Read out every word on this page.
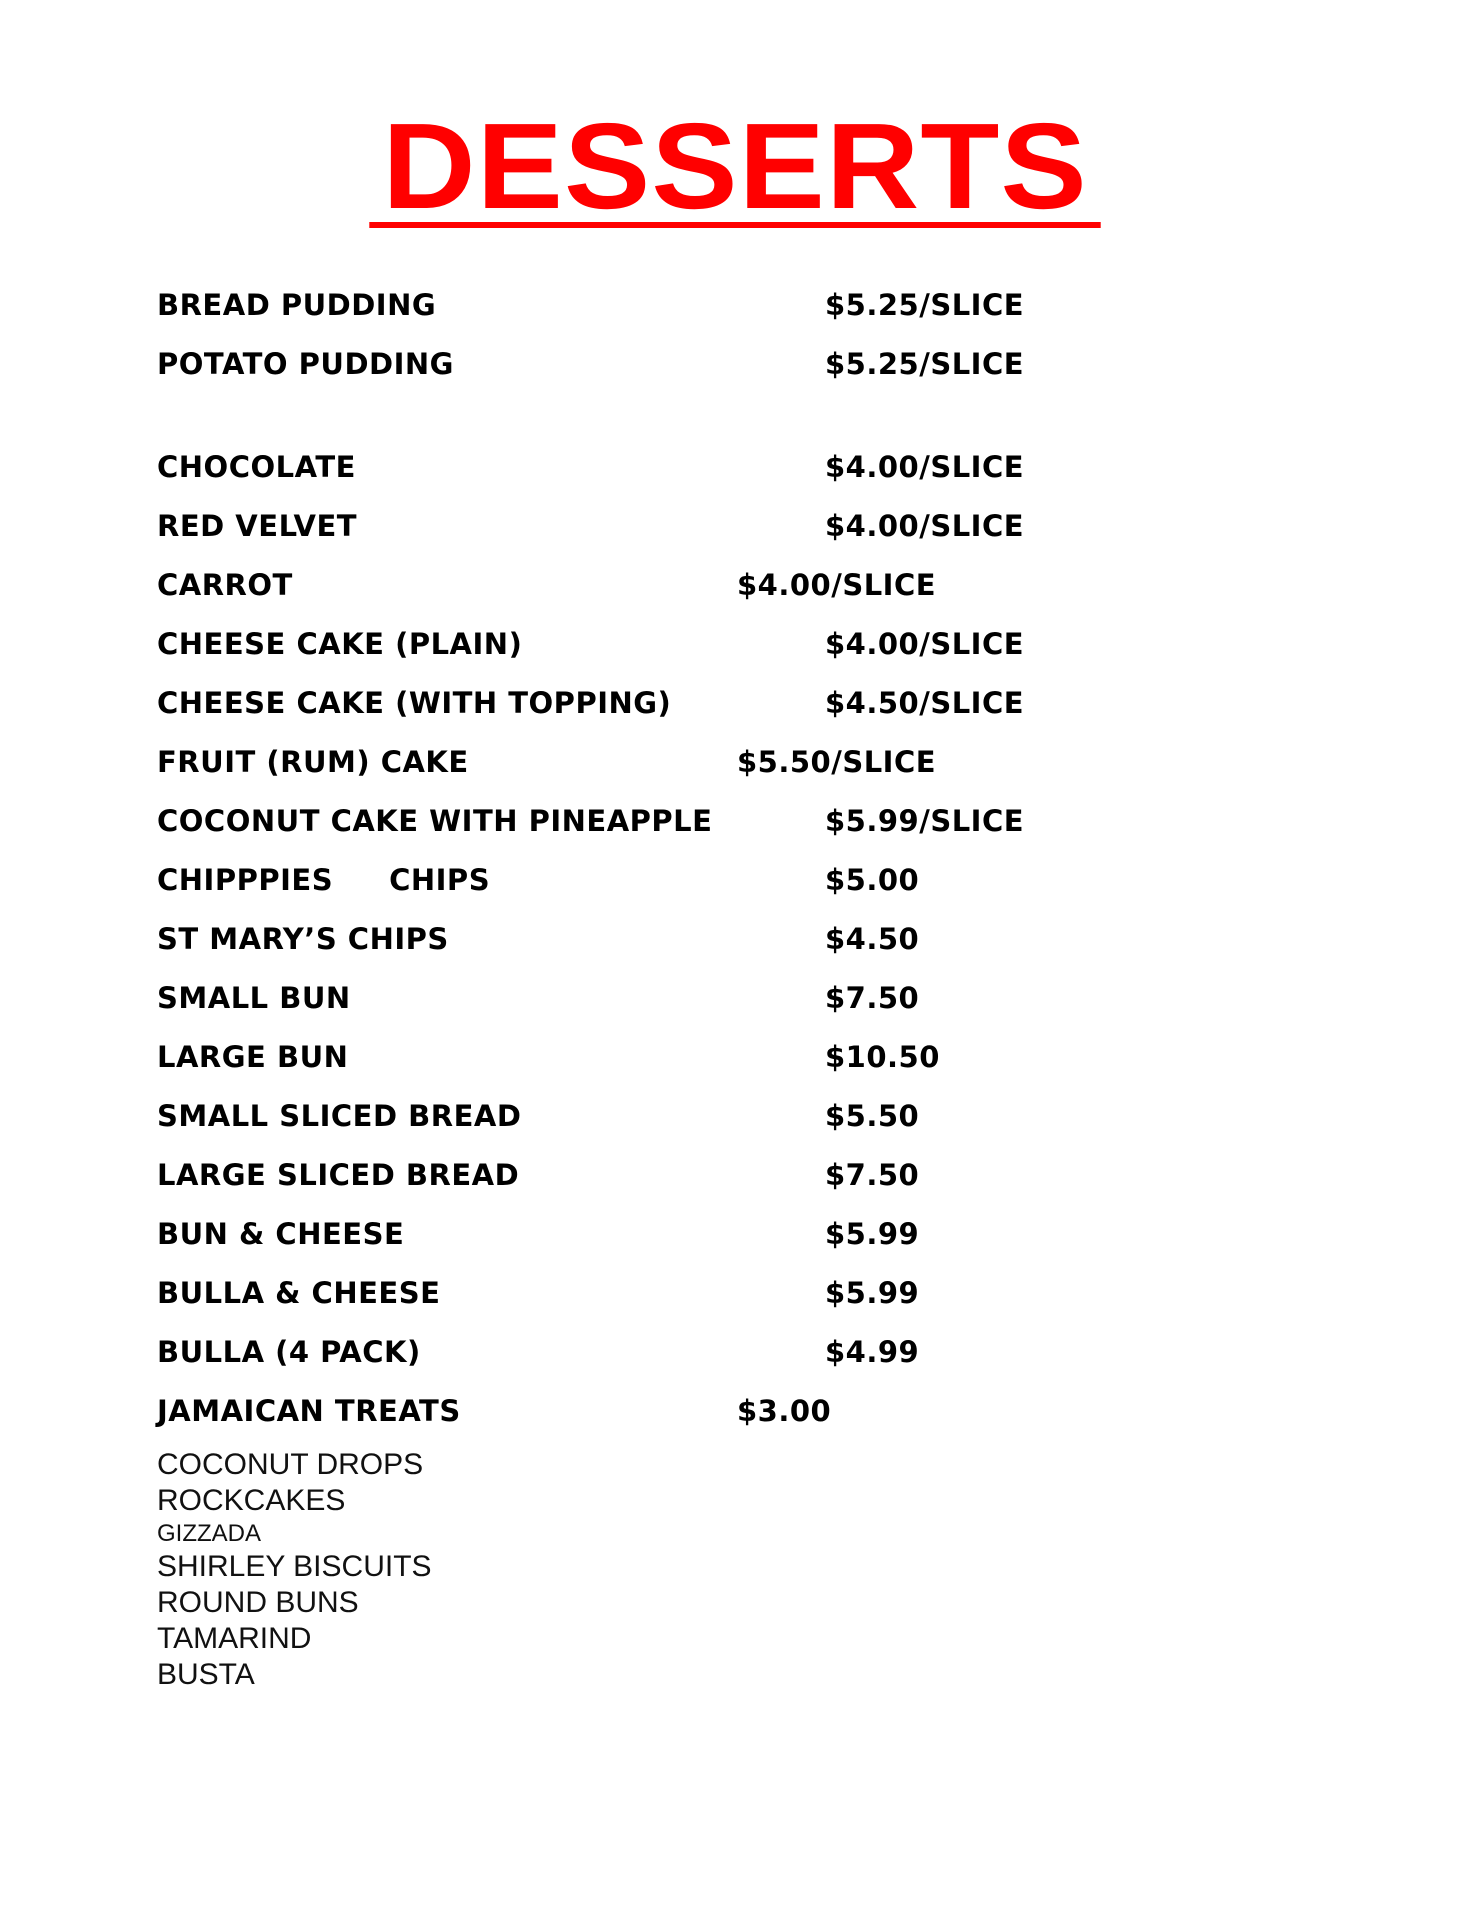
DESSERTS
BREAD PUDDING	$5.25/SLICE
POTATO PUDDING	$5.25/SLICE
CHOCOLATE	$4.00/SLICE
RED VELVET	$4.00/SLICE
CARROT	$4.00/SLICE
CHEESE CAKE (PLAIN)	$4.00/SLICE
CHEESE CAKE (WITH TOPPING)	$4.50/SLICE
FRUIT (RUM) CAKE	$5.50/SLICE
COCONUT CAKE WITH PINEAPPLE	$5.99/SLICE
CHIPPPIES CHIPS	$5.00
ST MARY’S CHIPS	$4.50
SMALL BUN	$7.50
LARGE BUN	$10.50
SMALL SLICED BREAD	$5.50
LARGE SLICED BREAD	$7.50
BUN & CHEESE	$5.99
BULLA & CHEESE	$5.99
BULLA (4 PACK)	$4.99
JAMAICAN TREATS	$3.00
COCONUT DROPS
ROCKCAKES
GIZZADA
SHIRLEY BISCUITS
ROUND BUNS
TAMARIND
BUSTA
